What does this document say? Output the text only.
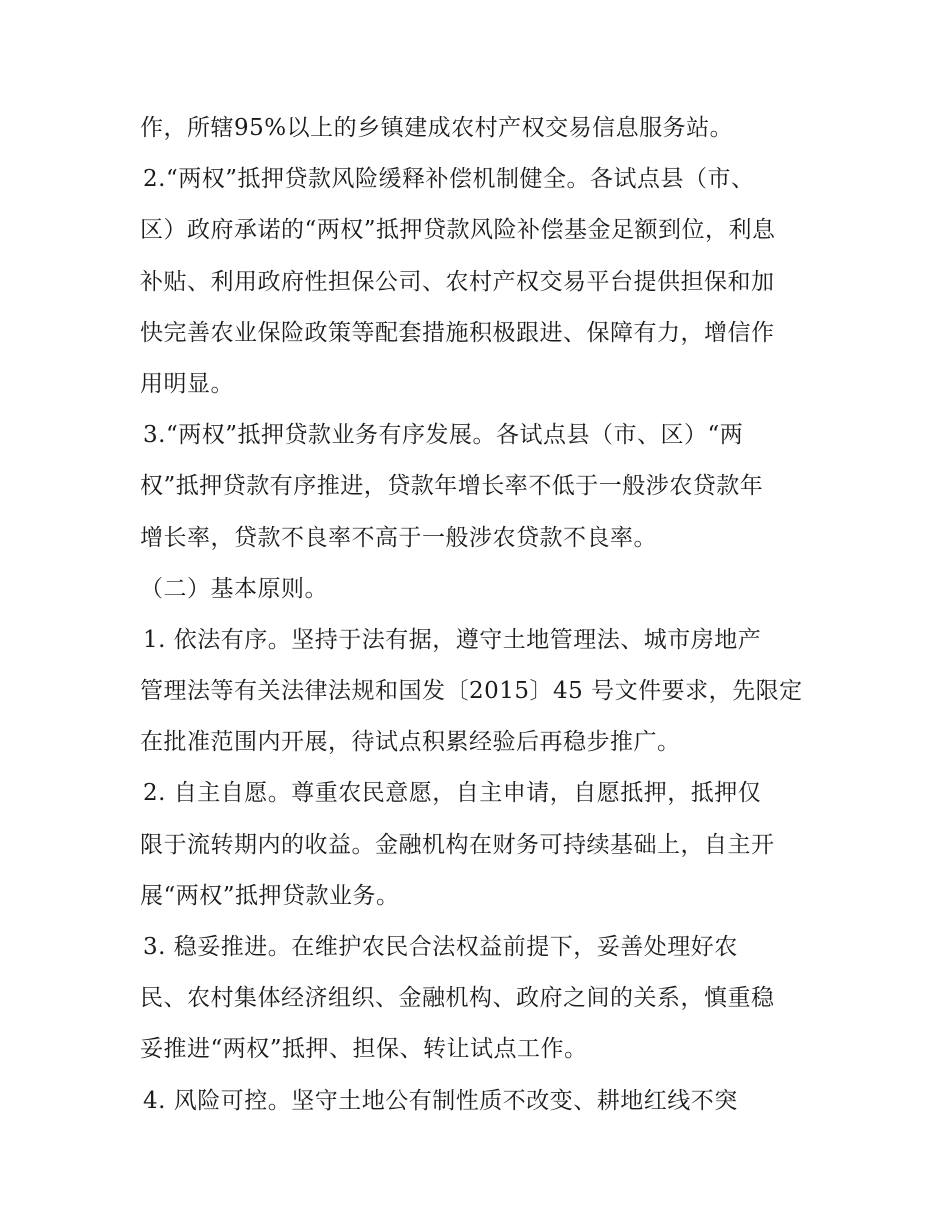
作，所辖95%以上的乡镇建成农村产权交易信息服务站。
2.“两权”抵押贷款风险缓释补偿机制健全。各试点县（市、
区）政府承诺的“两权”抵押贷款风险补偿基金足额到位，利息
补贴、利用政府性担保公司、农村产权交易平台提供担保和加
快完善农业保险政策等配套措施积极跟进、保障有力，增信作
用明显。
3.“两权”抵押贷款业务有序发展。各试点县（市、区）“两
权”抵押贷款有序推进，贷款年增长率不低于一般涉农贷款年
增长率，贷款不良率不高于一般涉农贷款不良率。
（二）基本原则。
1. 依法有序。坚持于法有据，遵守土地管理法、城市房地产
管理法等有关法律法规和国发〔2015〕45 号文件要求，先限定
在批准范围内开展，待试点积累经验后再稳步推广。
2. 自主自愿。尊重农民意愿，自主申请，自愿抵押，抵押仅
限于流转期内的收益。金融机构在财务可持续基础上，自主开
展“两权”抵押贷款业务。
3. 稳妥推进。在维护农民合法权益前提下，妥善处理好农
民、农村集体经济组织、金融机构、政府之间的关系，慎重稳
妥推进“两权”抵押、担保、转让试点工作。
4. 风险可控。坚守土地公有制性质不改变、耕地红线不突
